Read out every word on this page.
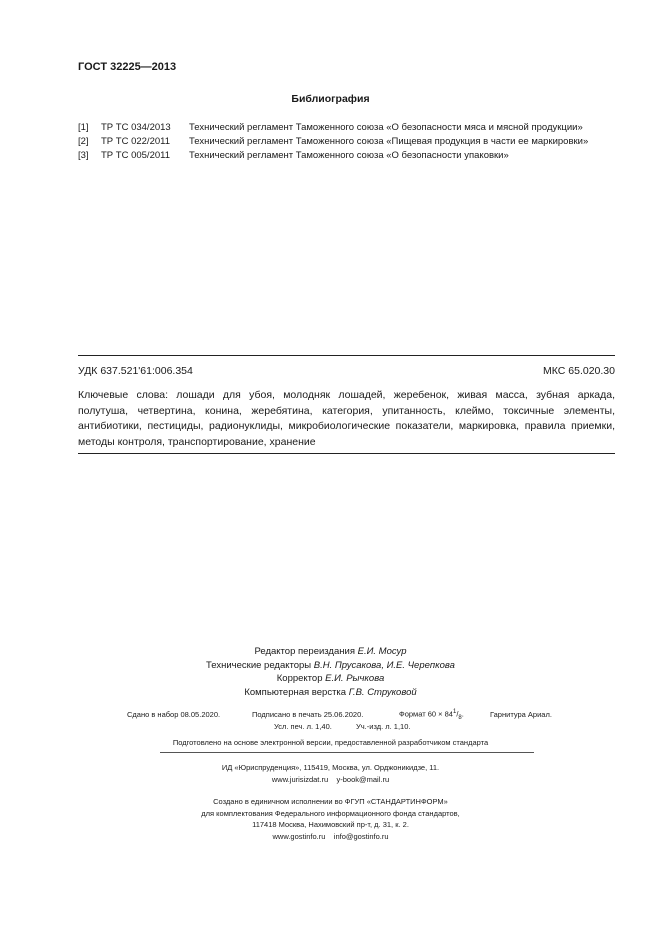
ГОСТ 32225—2013
Библиография
[1] ТР ТС 034/2013 Технический регламент Таможенного союза «О безопасности мяса и мясной продукции»
[2] ТР ТС 022/2011 Технический регламент Таможенного союза «Пищевая продукция в части ее маркировки»
[3] ТР ТС 005/2011 Технический регламент Таможенного союза «О безопасности упаковки»
УДК 637.521'61:006.354	МКС 65.020.30
Ключевые слова: лошади для убоя, молодняк лошадей, жеребенок, живая масса, зубная аркада,
полутуша, четвертина, конина, жеребятина, категория, упитанность, клеймо, токсичные элементы,
антибиотики, пестициды, радионуклиды, микробиологические показатели, маркировка, правила приемки,
методы контроля, транспортирование, хранение
Редактор переиздания Е.И. Мосур
Технические редакторы В.Н. Прусакова, И.Е. Черепкова
Корректор Е.И. Рычкова
Компьютерная верстка Г.В. Струковой
Сдано в набор 08.05.2020.	Подписано в печать 25.06.2020.	Формат $60 \times 84^1/_8$.	Гарнитура Ариал.
Усл. печ. л. 1,40.	Уч.-изд. л. 1,10.
Подготовлено на основе электронной версии, предоставленной разработчиком стандарта
ИД «Юриспруденция», 115419, Москва, ул. Орджоникидзе, 11.
www.jurisizdat.ru y-book@mail.ru
Создано в единичном исполнении во ФГУП «СТАНДАРТИНФОРМ»
для комплектования Федерального информационного фонда стандартов,
117418 Москва, Нахимовский пр-т, д. 31, к. 2.
www.gostinfo.ru info@gostinfo.ru
